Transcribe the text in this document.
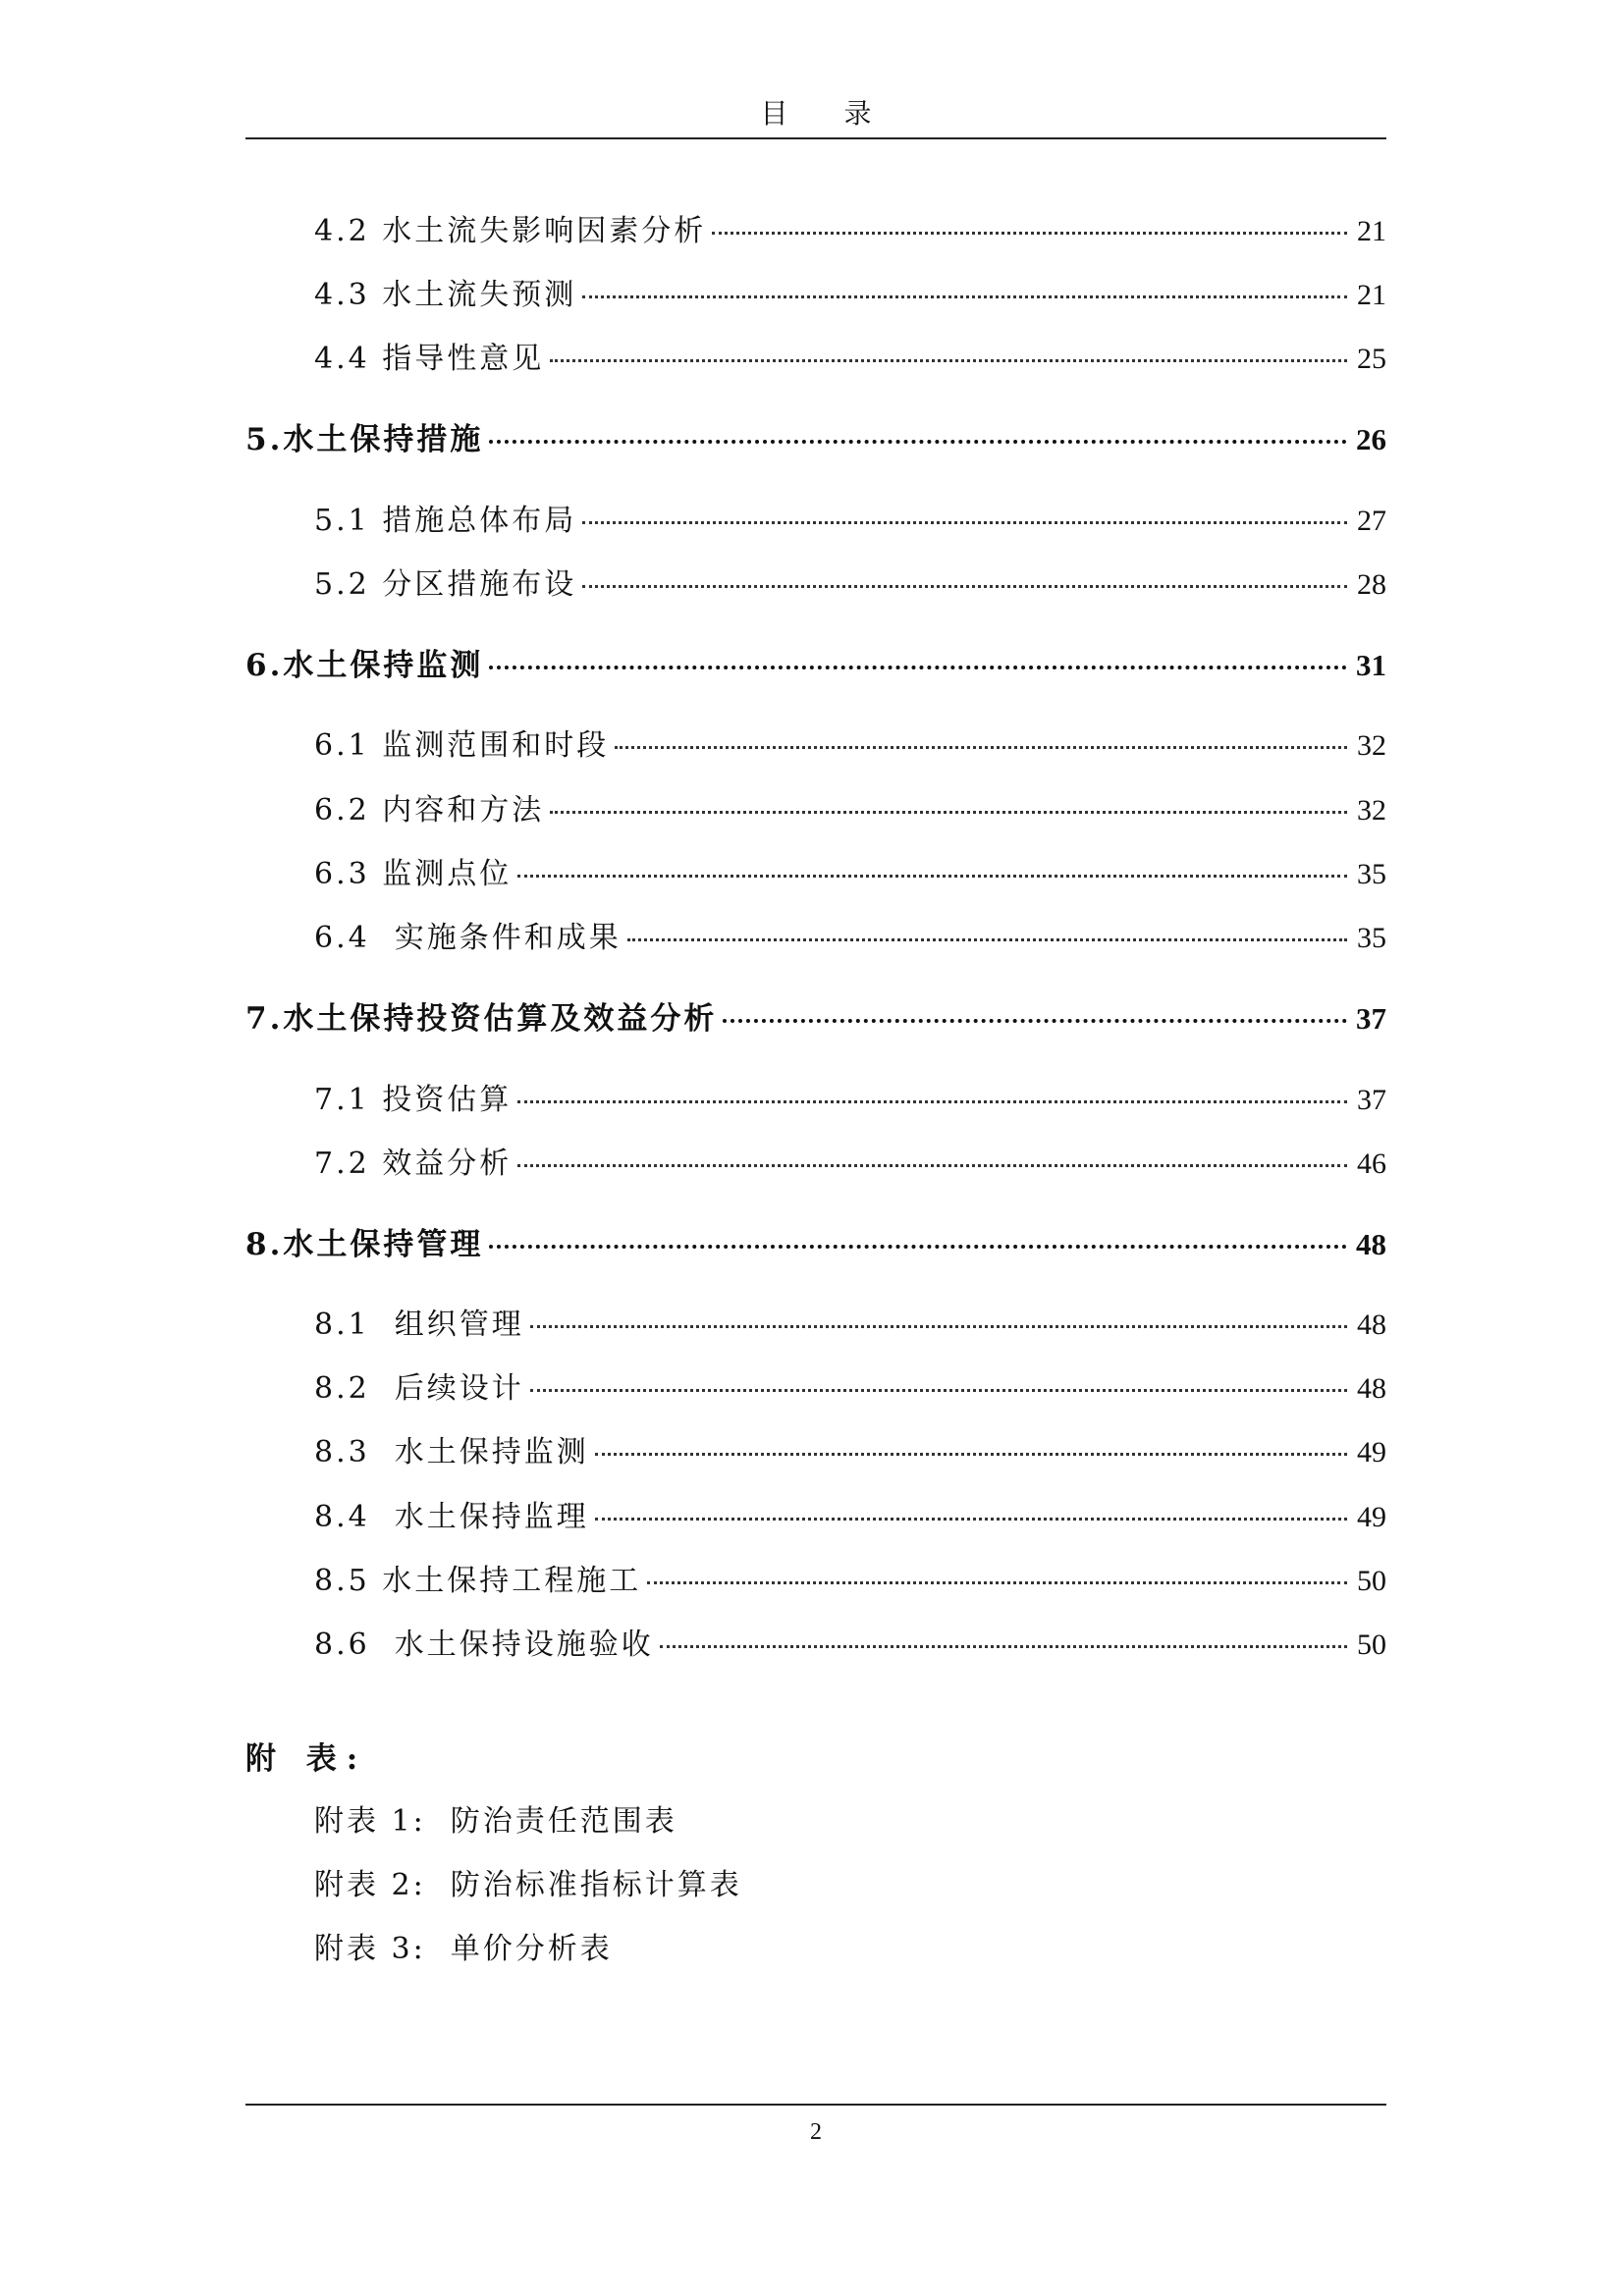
目 录
4.2 水土流失影响因素分析	21
4.3 水土流失预测	21
4.4 指导性意见	25
5.水土保持措施	26
5.1 措施总体布局	27
5.2 分区措施布设	28
6.水土保持监测	31
6.1 监测范围和时段	32
6.2 内容和方法	32
6.3 监测点位	35
6.4  实施条件和成果	35
7.水土保持投资估算及效益分析	37
7.1 投资估算	37
7.2 效益分析	46
8.水土保持管理	48
8.1  组织管理	48
8.2  后续设计	48
8.3  水土保持监测	49
8.4  水土保持监理	49
8.5 水土保持工程施工	50
8.6  水土保持设施验收	50
附 表:
附表 1:  防治责任范围表
附表 2:  防治标准指标计算表
附表 3:  单价分析表
2
